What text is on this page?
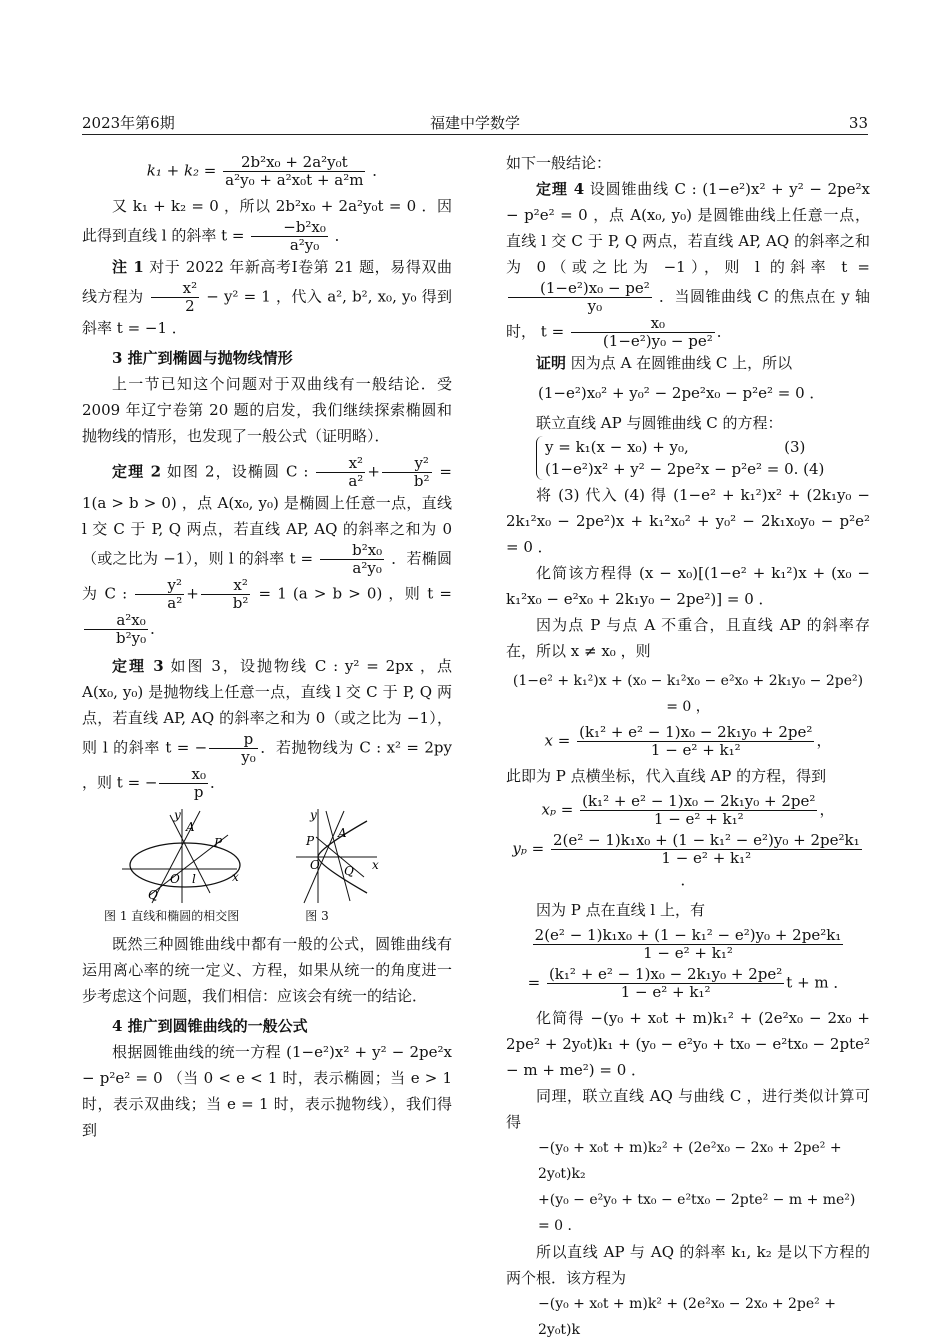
2023年第6期	福建中学数学	33
$k_1 + k_2 = \frac{\text{2b²x₀ + 2a²y₀t}}{\text{a²y₀ + a²x₀t + a²m}}$ ．

又 k₁ + k₂ = 0 ，所以 2b²x₀ + 2a²y₀t = 0 ．因此得到直线 l 的斜率 $t = \frac{\text{−b²x₀}}{\text{a²y₀}}$ ．

注 1 对于 2022 年新高考Ⅰ卷第 21 题，易得双曲线方程为 $\frac{\text{x²}}{2} - y^2 = 1$ ，代入 a², b², x₀, y₀ 得到斜率 t = −1 ．

3 推广到椭圆与抛物线情形

上一节已知这个问题对于双曲线有一般结论．受 2009 年辽宁卷第 20 题的启发，我们继续探索椭圆和抛物线的情形，也发现了一般公式（证明略）．

定理 2 如图 2，设椭圆 C : $\frac{\text{x²}}{\text{a²}} + \frac{\text{y²}}{\text{b²}} = 1(a > b > 0)$ ，点 A(x₀, y₀) 是椭圆上任意一点，直线 l 交 C 于 P, Q 两点，若直线 AP, AQ 的斜率之和为 0 （或之比为 −1），则 l 的斜率 $t = \frac{\text{b²x₀}}{\text{a²y₀}}$ ．若椭圆为 C : $\frac{\text{y²}}{\text{a²}} + \frac{\text{x²}}{\text{b²}} = 1$ (a > b > 0) ，则 t =
$\frac{\text{a²x₀}}{\text{b²y₀}}$ ．

定理 3 如图 3，设抛物线 C : y² = 2px ，点 A(x₀, y₀) 是抛物线上任意一点，直线 l 交 C 于 P, Q 两点，若直线 AP, AQ 的斜率之和为 0（或之比为 −1），则 l 的斜率 t = − $\frac{p}{\text{y₀}}$ ．若抛物线为 C : x² = 2py ，则 t = − $\frac{\text{x₀}}{p}$ ．

y
A
P
O l	x
Q
y
P
A
O Q x
图 1 直线和椭圆的相交图	图 3

既然三种圆锥曲线中都有一般的公式，圆锥曲线有运用离心率的统一定义、方程，如果从统一的角度进一步考虑这个问题，我们相信：应该会有统一的结论．

4 推广到圆锥曲线的一般公式

根据圆锥曲线的统一方程 (1−e²)x² + y² − 2pe²x − p²e² = 0 （当 0 < e < 1 时，表示椭圆；当 e > 1 时，表示双曲线；当 e = 1 时，表示抛物线），我们得到

如下一般结论：

定理 4 设圆锥曲线 C : (1−e²)x² + y² − 2pe²x − p²e² = 0 ，点 A(x₀, y₀) 是圆锥曲线上任意一点，直线 l 交 C 于 P, Q 两点，若直线 AP, AQ 的斜率之和为 0（或之比为 −1），则 l 的斜率 t =
$\frac{\text{(1−e²)x₀ − pe²}}{\text{y₀}}$ ．当圆锥曲线 C 的焦点在 y 轴时， $t = \frac{\text{x₀}}{\text{(1−e²)y₀ − pe²}}$ ．

证明 因为点 A 在圆锥曲线 C 上，所以

(1−e²)x₀² + y₀² − 2pe²x₀ − p²e² = 0 ．

联立直线 AP 与圆锥曲线 C 的方程：

y = k₁(x − x₀) + y₀,                    (3)
(1−e²)x² + y² − 2pe²x − p²e² = 0. (4)

将 (3) 代入 (4) 得 (1−e² + k₁²)x² + (2k₁y₀ − 2k₁²x₀ − 2pe²)x + k₁²x₀² + y₀² − 2k₁x₀y₀ − p²e² = 0 ．

化简该方程得 (x − x₀)[(1−e² + k₁²)x + (x₀ − k₁²x₀ − e²x₀ + 2k₁y₀ − 2pe²)] = 0 ．

因为点 P 与点 A 不重合，且直线 AP 的斜率存在，所以 x ≠ x₀ ，则

(1−e² + k₁²)x + (x₀ − k₁²x₀ − e²x₀ + 2k₁y₀ − 2pe²) = 0 ，
$x = \frac{\text{(k₁² + e² − 1)x₀ − 2k₁y₀ + 2pe²}}{\text{1 − e² + k₁²}}$ ，

此即为 P 点横坐标，代入直线 AP 的方程，得到

$x_p = \frac{\text{(k₁² + e² − 1)x₀ − 2k₁y₀ + 2pe²}}{\text{1 − e² + k₁²}}$ ，
$y_p = \frac{\text{2(e² − 1)k₁x₀ + (1 − k₁² − e²)y₀ + 2pe²k₁}}{\text{1 − e² + k₁²}}$
．

因为 P 点在直线 l 上，有

$\frac{\text{2(e² − 1)k₁x₀ + (1 − k₁² − e²)y₀ + 2pe²k₁}}{\text{1 − e² + k₁²}}$
= $\frac{\text{(k₁² + e² − 1)x₀ − 2k₁y₀ + 2pe²}}{\text{1 − e² + k₁²}}$ t + m ．

化简得 −(y₀ + x₀t + m)k₁² + (2e²x₀ − 2x₀ + 2pe² + 2y₀t)k₁ + (y₀ − e²y₀ + tx₀ − e²tx₀ − 2pte² − m + me²) = 0 ．

同理，联立直线 AQ 与曲线 C ，进行类似计算可得

−(y₀ + x₀t + m)k₂² + (2e²x₀ − 2x₀ + 2pe² + 2y₀t)k₂
+(y₀ − e²y₀ + tx₀ − e²tx₀ − 2pte² − m + me²) = 0 ．

所以直线 AP 与 AQ 的斜率 k₁, k₂ 是以下方程的两个根．该方程为

−(y₀ + x₀t + m)k² + (2e²x₀ − 2x₀ + 2pe² + 2y₀t)k
